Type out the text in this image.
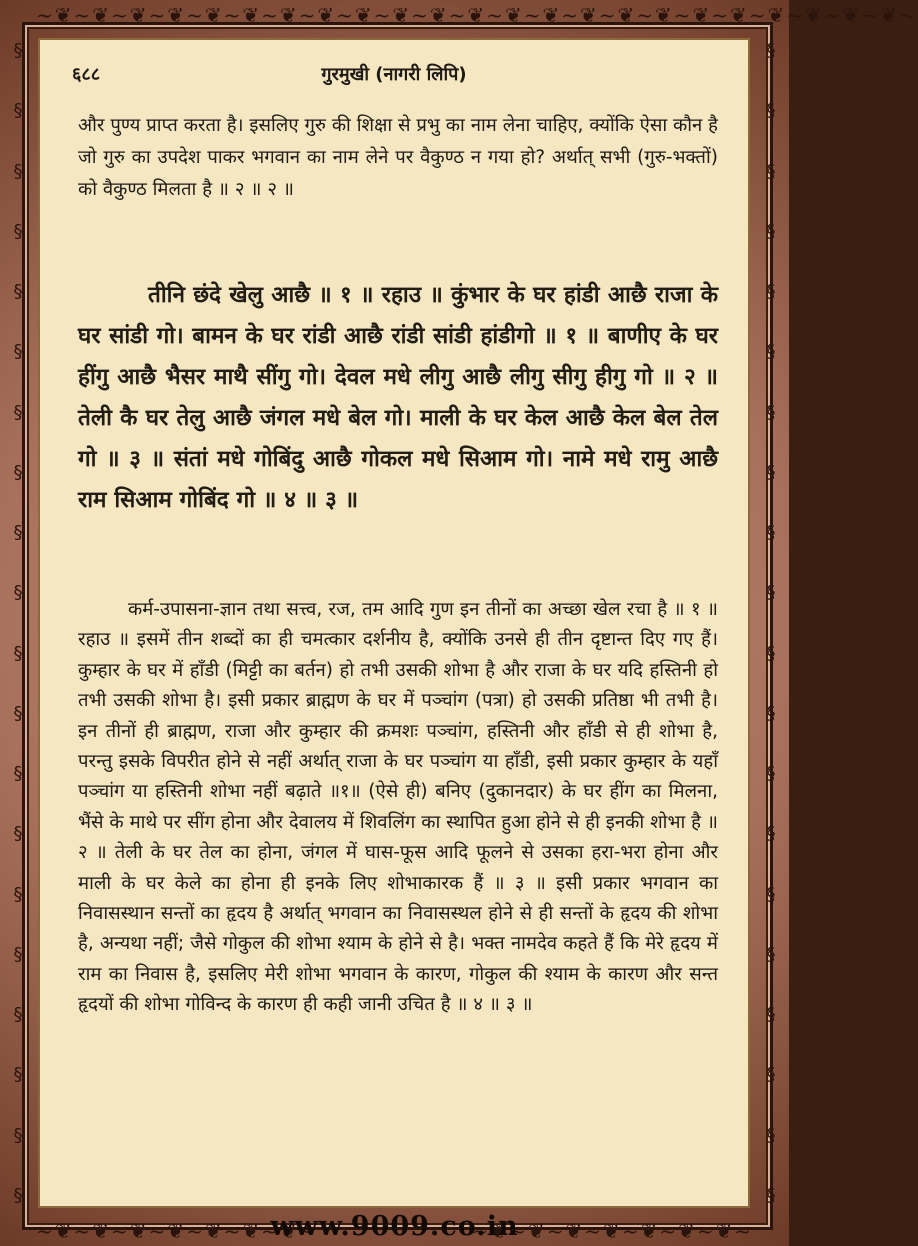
~❦~❦~❦~❦~❦~❦~❦~❦~❦~❦~❦~❦~❦~❦~❦~❦~❦~❦~❦~❦~❦~❦~❦~
§
§
§
§
§
§
§
§
§
§
§
§
§
§
§
§
§
§
§
§
§
§
§
§
§
§
§
§
§
§
§
§
§
§
§
§
§
§
§
§
~❦~❦~❦~❦~❦~❦~❦~	~❦~❦~❦~❦~❦~❦~❦~
www.9009.co.in
६८८	गुरमुखी (नागरी लिपि)
और पुण्य प्राप्त करता है। इसलिए गुरु की शिक्षा से प्रभु का नाम लेना चाहिए, क्योंकि ऐसा कौन है जो गुरु का उपदेश पाकर भगवान का नाम लेने पर वैकुण्ठ न गया हो? अर्थात् सभी (गुरु-भक्तों) को वैकुण्ठ मिलता है ॥ २ ॥ २ ॥
तीनि छंदे खेलु आछै ॥ १ ॥ रहाउ ॥ कुंभार के घर हांडी आछै राजा के घर सांडी गो। बामन के घर रांडी आछै रांडी सांडी हांडीगो ॥ १ ॥ बाणीए के घर हींगु आछै भैसर माथै सींगु गो। देवल मधे लीगु आछै लीगु सीगु हीगु गो ॥ २ ॥ तेली कै घर तेलु आछै जंगल मधे बेल गो। माली के घर केल आछै केल बेल तेल गो ॥ ३ ॥ संतां मधे गोबिंदु आछै गोकल मधे सिआम गो। नामे मधे रामु आछै राम सिआम गोबिंद गो ॥ ४ ॥ ३ ॥
कर्म-उपासना-ज्ञान तथा सत्त्व, रज, तम आदि गुण इन तीनों का अच्छा खेल रचा है ॥ १ ॥ रहाउ ॥ इसमें तीन शब्दों का ही चमत्कार दर्शनीय है, क्योंकि उनसे ही तीन दृष्टान्त दिए गए हैं। कुम्हार के घर में हाँडी (मिट्टी का बर्तन) हो तभी उसकी शोभा है और राजा के घर यदि हस्तिनी हो तभी उसकी शोभा है। इसी प्रकार ब्राह्मण के घर में पञ्चांग (पत्रा) हो उसकी प्रतिष्ठा भी तभी है। इन तीनों ही ब्राह्मण, राजा और कुम्हार की क्रमशः पञ्चांग, हस्तिनी और हाँडी से ही शोभा है, परन्तु इसके विपरीत होने से नहीं अर्थात् राजा के घर पञ्चांग या हाँडी, इसी प्रकार कुम्हार के यहाँ पञ्चांग या हस्तिनी शोभा नहीं बढ़ाते ॥१॥ (ऐसे ही) बनिए (दुकानदार) के घर हींग का मिलना, भैंसे के माथे पर सींग होना और देवालय में शिवलिंग का स्थापित हुआ होने से ही इनकी शोभा है ॥ २ ॥ तेली के घर तेल का होना, जंगल में घास-फूस आदि फूलने से उसका हरा-भरा होना और माली के घर केले का होना ही इनके लिए शोभाकारक हैं ॥ ३ ॥ इसी प्रकार भगवान का निवासस्थान सन्तों का हृदय है अर्थात् भगवान का निवासस्थल होने से ही सन्तों के हृदय की शोभा है, अन्यथा नहीं; जैसे गोकुल की शोभा श्याम के होने से है। भक्त नामदेव कहते हैं कि मेरे हृदय में राम का निवास है, इसलिए मेरी शोभा भगवान के कारण, गोकुल की श्याम के कारण और सन्त हृदयों की शोभा गोविन्द के कारण ही कही जानी उचित है ॥ ४ ॥ ३ ॥
